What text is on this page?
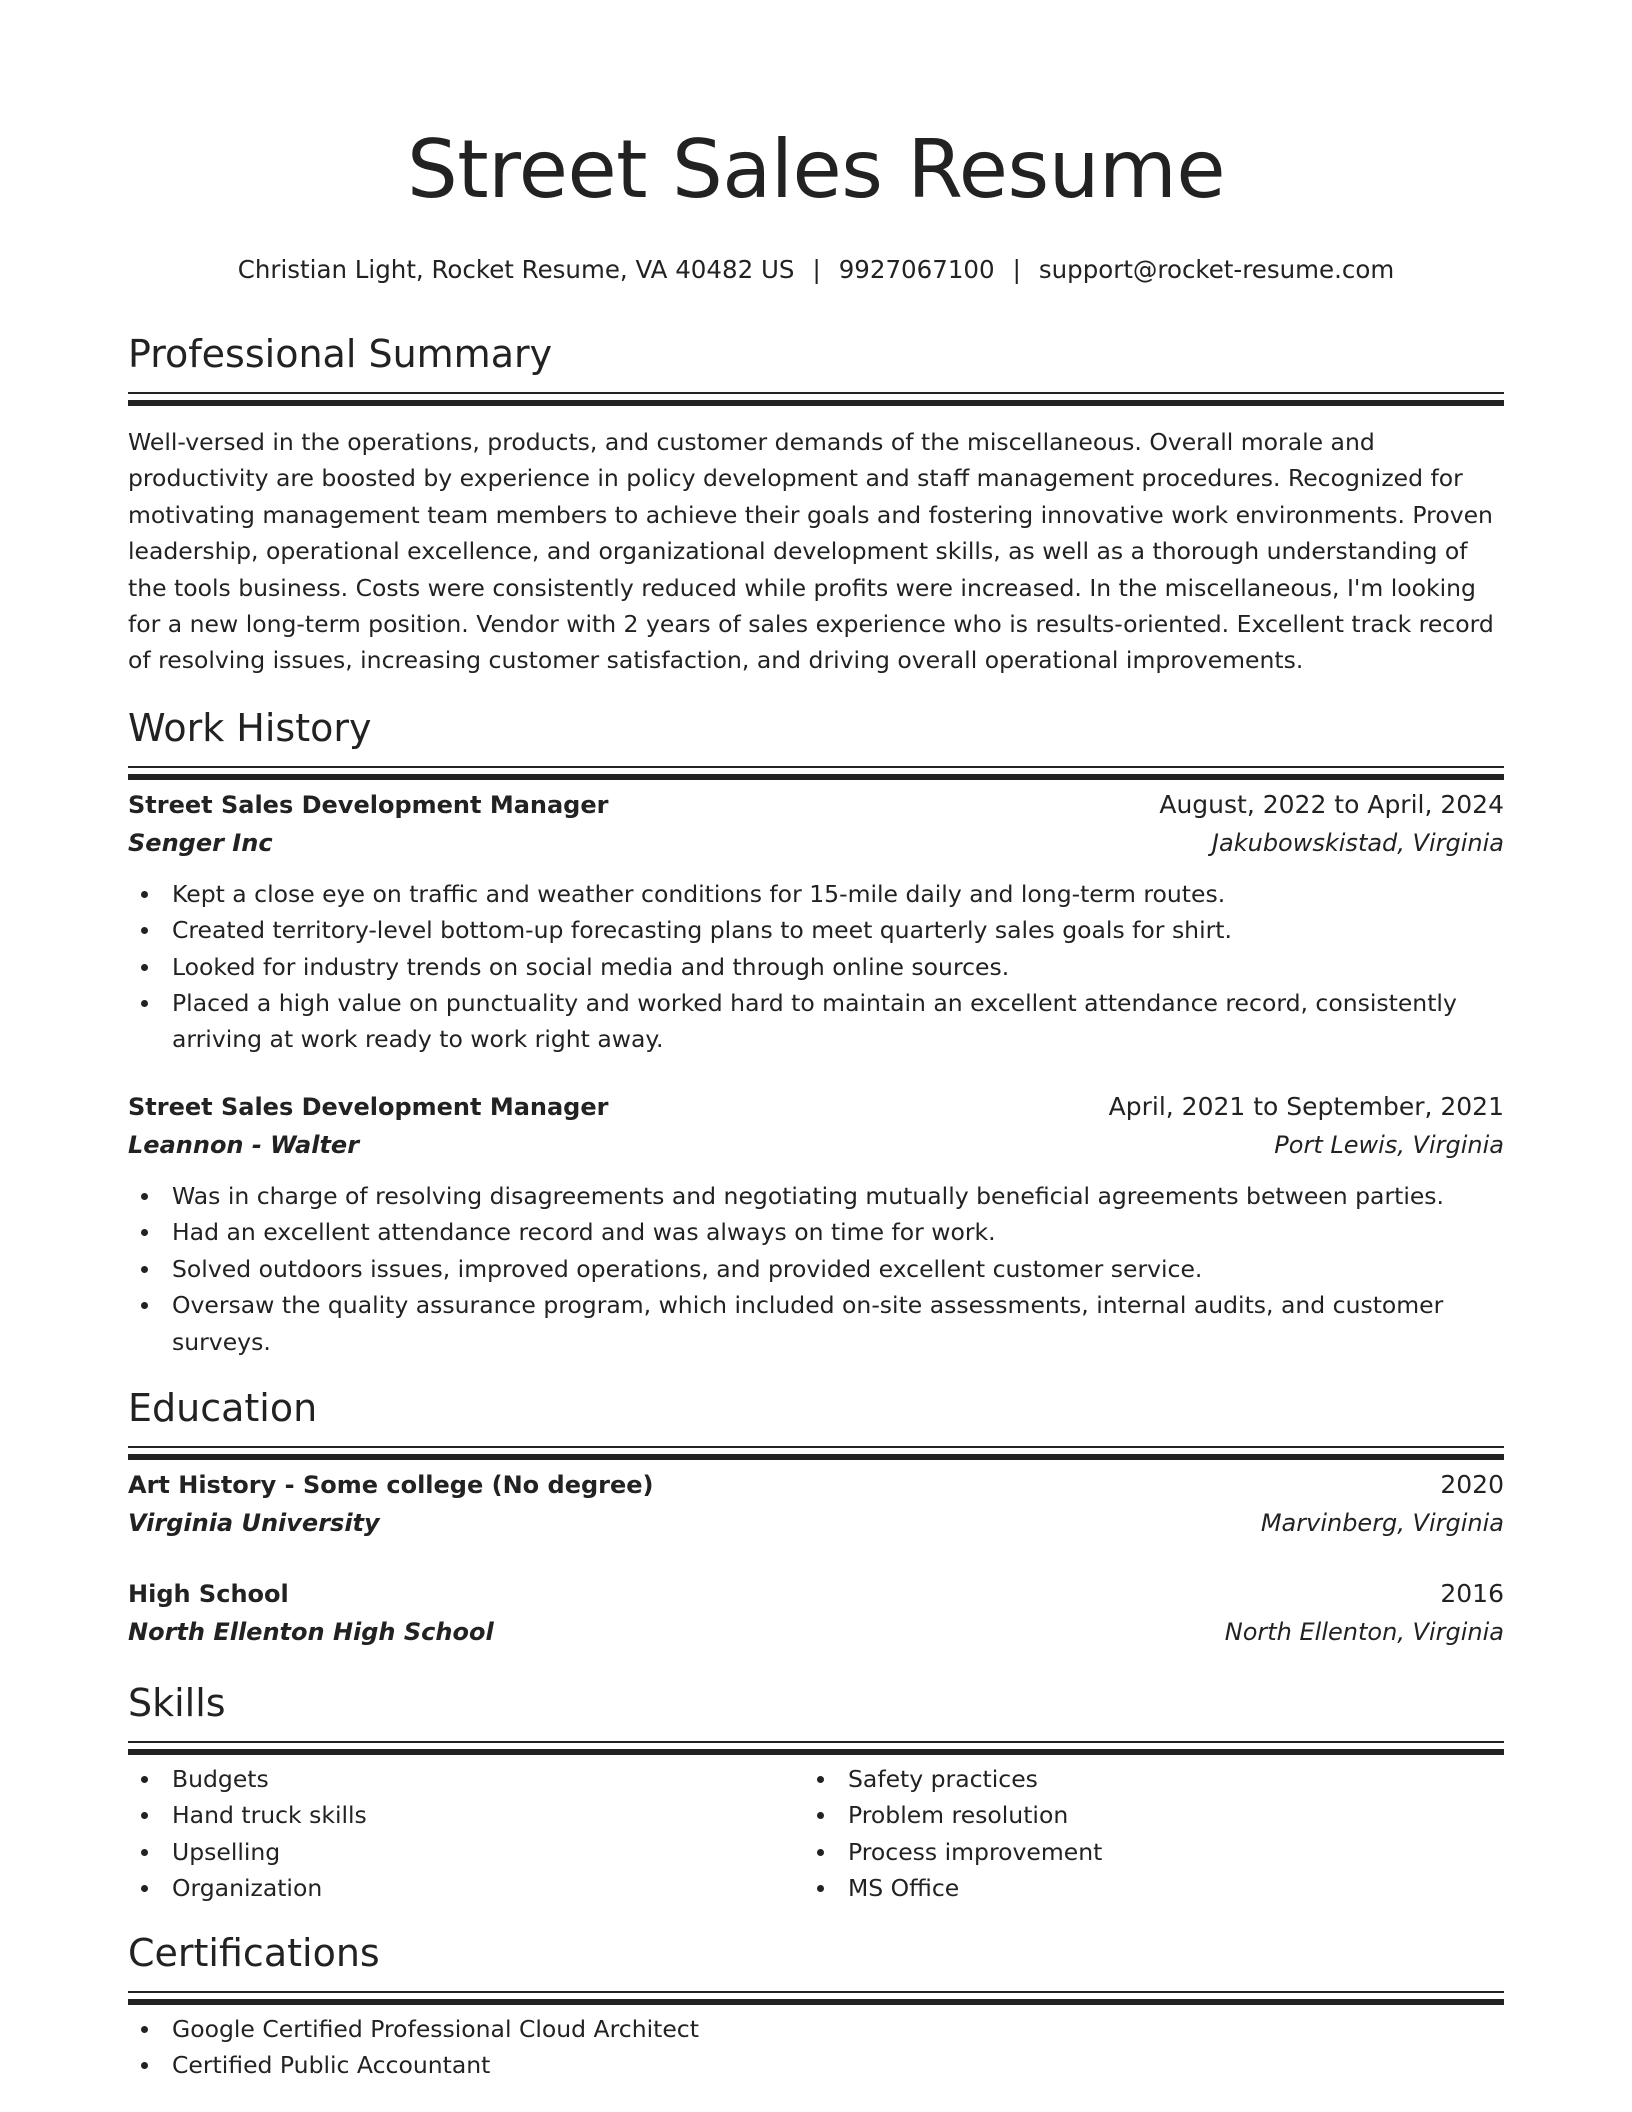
Street Sales Resume
Christian Light, Rocket Resume, VA 40482 US | 9927067100 | support@rocket-resume.com
Professional Summary

Well-versed in the operations, products, and customer demands of the miscellaneous. Overall morale and productivity are boosted by experience in policy development and staff management procedures. Recognized for motivating management team members to achieve their goals and fostering innovative work environments. Proven leadership, operational excellence, and organizational development skills, as well as a thorough understanding of the tools business. Costs were consistently reduced while profits were increased. In the miscellaneous, I'm looking for a new long-term position. Vendor with 2 years of sales experience who is results-oriented. Excellent track record of resolving issues, increasing customer satisfaction, and driving overall operational improvements.

Work History
Street Sales Development Manager	August, 2022 to April, 2024
Senger Inc	Jakubowskistad, Virginia
Kept a close eye on traffic and weather conditions for 15-mile daily and long-term routes.
Created territory-level bottom-up forecasting plans to meet quarterly sales goals for shirt.
Looked for industry trends on social media and through online sources.
Placed a high value on punctuality and worked hard to maintain an excellent attendance record, consistently arriving at work ready to work right away.
Street Sales Development Manager	April, 2021 to September, 2021
Leannon - Walter	Port Lewis, Virginia
Was in charge of resolving disagreements and negotiating mutually beneficial agreements between parties.
Had an excellent attendance record and was always on time for work.
Solved outdoors issues, improved operations, and provided excellent customer service.
Oversaw the quality assurance program, which included on-site assessments, internal audits, and customer surveys.
Education
Art History - Some college (No degree)	2020
Virginia University	Marvinberg, Virginia
High School	2016
North Ellenton High School	North Ellenton, Virginia
Skills
Budgets
Hand truck skills
Upselling
Organization
Safety practices
Problem resolution
Process improvement
MS Office
Certifications
Google Certified Professional Cloud Architect
Certified Public Accountant
